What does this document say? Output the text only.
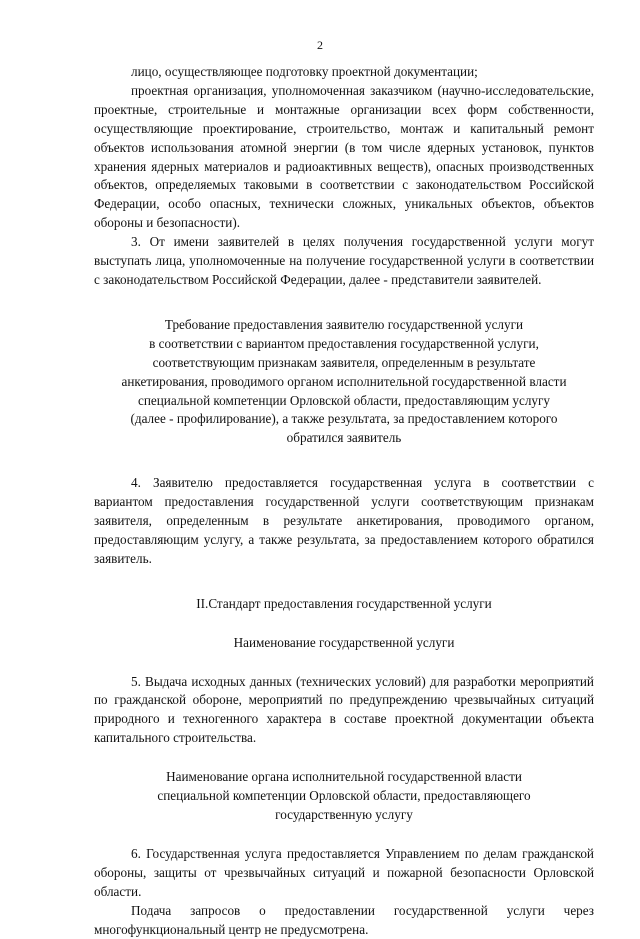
2

лицо, осуществляющее подготовку проектной документации;

проектная организация, уполномоченная заказчиком (научно-исследовательские, проектные, строительные и монтажные организации всех форм собственности, осуществляющие проектирование, строительство, монтаж и капитальный ремонт объектов использования атомной энергии (в том числе ядерных установок, пунктов хранения ядерных материалов и радиоактивных веществ), опасных производственных объектов, определяемых таковыми в соответствии с законодательством Российской Федерации, особо опасных, технически сложных, уникальных объектов, объектов обороны и безопасности).

3. От имени заявителей в целях получения государственной услуги могут выступать лица, уполномоченные на получение государственной услуги в соответствии с законодательством Российской Федерации, далее - представители заявителей.

Требование предоставления заявителю государственной услуги
в соответствии с вариантом предоставления государственной услуги,
соответствующим признакам заявителя, определенным в результате
анкетирования, проводимого органом исполнительной государственной власти
специальной компетенции Орловской области, предоставляющим услугу
(далее - профилирование), а также результата, за предоставлением которого
обратился заявитель

4. Заявителю предоставляется государственная услуга в соответствии с вариантом предоставления государственной услуги соответствующим признакам заявителя, определенным в результате анкетирования, проводимого органом, предоставляющим услугу, а также результата, за предоставлением которого обратился заявитель.

II.Стандарт предоставления государственной услуги
Наименование государственной услуги

5. Выдача исходных данных (технических условий) для разработки мероприятий по гражданской обороне, мероприятий по предупреждению чрезвычайных ситуаций природного и техногенного характера в составе проектной документации объекта капитального строительства.

Наименование органа исполнительной государственной власти
специальной компетенции Орловской области, предоставляющего
государственную услугу

6. Государственная услуга предоставляется Управлением по делам гражданской обороны, защиты от чрезвычайных ситуаций и пожарной безопасности Орловской области.

Подача запросов о предоставлении государственной услуги через многофункциональный центр не предусмотрена.
